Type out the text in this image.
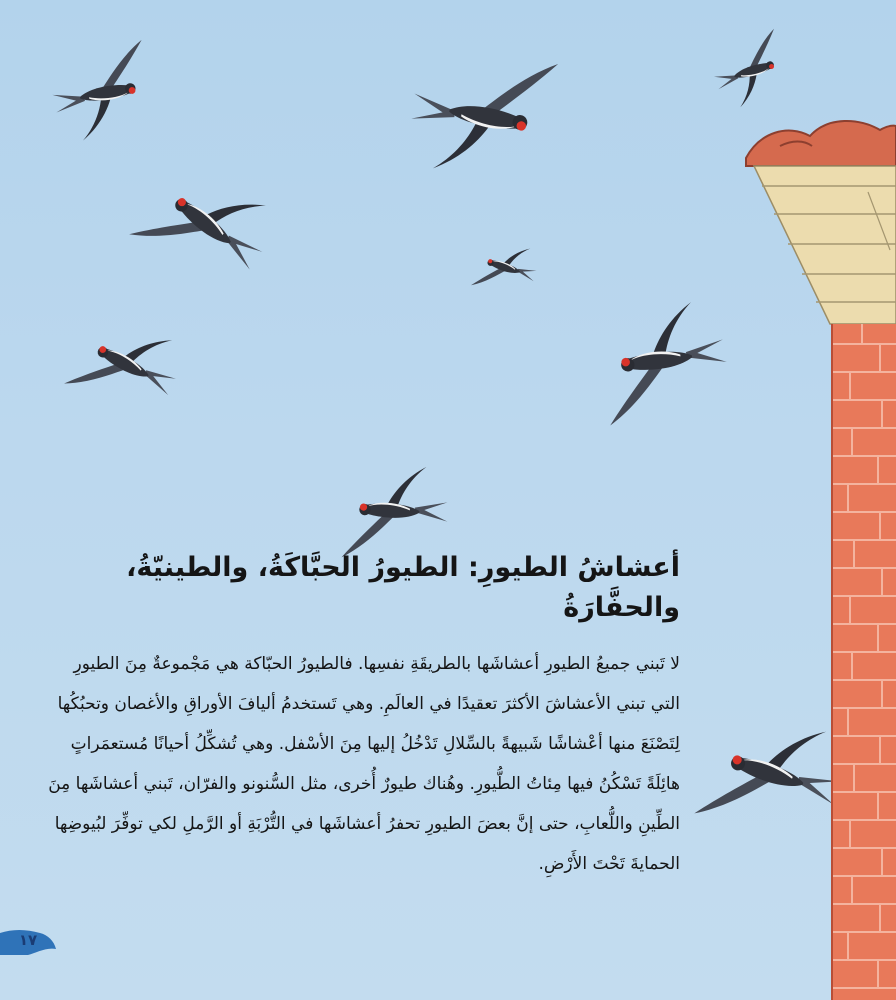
أعشاشُ الطيورِ: الطيورُ الحبَّاكَةُ، والطينيّةُ، والحفَّارَةُ

لا تَبني جميعُ الطيورِ أعشاشَها بالطريقَةِ نفسِها. فالطيورُ الحبّاكة هي مَجْموعةٌ مِنَ الطيورِ التي تبني الأعشاشَ الأكثرَ تعقيدًا في العالَمِ. وهي تَستخدمُ أليافَ الأوراقِ والأغصان وتحبُكُها لِتَصْنَعَ منها أعْشاشًا شَبيهةً بالسِّلالِ تَدْخُلُ إليها مِنَ الأسْفل. وهي تُشكِّلُ أحيانًا مُستعمَراتٍ هائِلَةً تَسْكُنُ فيها مِئاتُ الطُّيورِ. وهُناك طيورٌ أُخرى، مثل السُّنونو والفرّان، تَبني أعشاشَها مِنَ الطِّينِ واللُّعابِ، حتى إنَّ بعضَ الطيورِ تحفرُ أعشاشَها في التُّرْبَةِ أو الرَّملِ لكي توفِّرَ لبُيوضِها الحمايةَ تَحْتَ الأَرْضِ.

١٧
